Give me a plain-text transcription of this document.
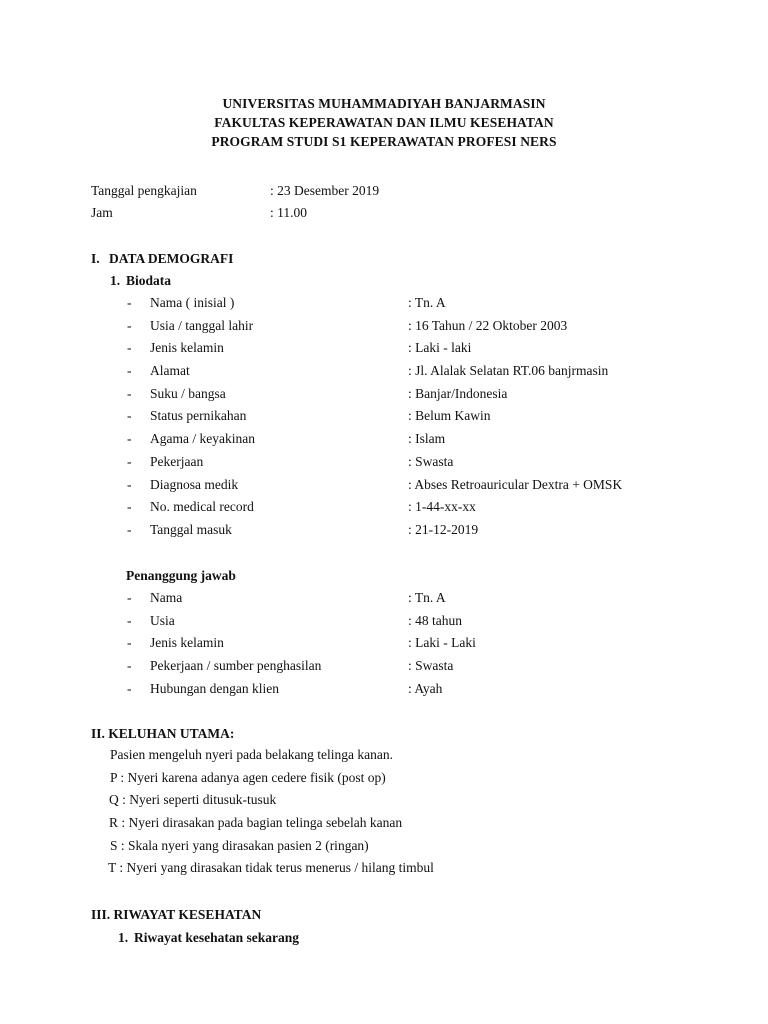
UNIVERSITAS MUHAMMADIYAH BANJARMASIN
FAKULTAS KEPERAWATAN DAN ILMU KESEHATAN
PROGRAM STUDI S1 KEPERAWATAN PROFESI NERS
Tanggal pengkajian	: 23 Desember 2019
Jam	: 11.00
I. DATA DEMOGRAFI
1. Biodata
- Nama ( inisial )	: Tn. A
- Usia / tanggal lahir	: 16 Tahun / 22 Oktober 2003
- Jenis kelamin	: Laki - laki
- Alamat	: Jl. Alalak Selatan RT.06 banjrmasin
- Suku / bangsa	: Banjar/Indonesia
- Status pernikahan	: Belum Kawin
- Agama / keyakinan	: Islam
- Pekerjaan	: Swasta
- Diagnosa medik	: Abses Retroauricular Dextra + OMSK
- No. medical record	: 1-44-xx-xx
- Tanggal masuk	: 21-12-2019
Penanggung jawab
- Nama	: Tn. A
- Usia	: 48 tahun
- Jenis kelamin	: Laki - Laki
- Pekerjaan / sumber penghasilan	: Swasta
- Hubungan dengan klien	: Ayah
II. KELUHAN UTAMA:
Pasien mengeluh nyeri pada belakang telinga kanan.
P : Nyeri karena adanya agen cedere fisik (post op)
Q : Nyeri seperti ditusuk-tusuk
R : Nyeri dirasakan pada bagian telinga sebelah kanan
S : Skala nyeri yang dirasakan pasien 2 (ringan)
T : Nyeri yang dirasakan tidak terus menerus / hilang timbul
III. RIWAYAT KESEHATAN
1. Riwayat kesehatan sekarang
